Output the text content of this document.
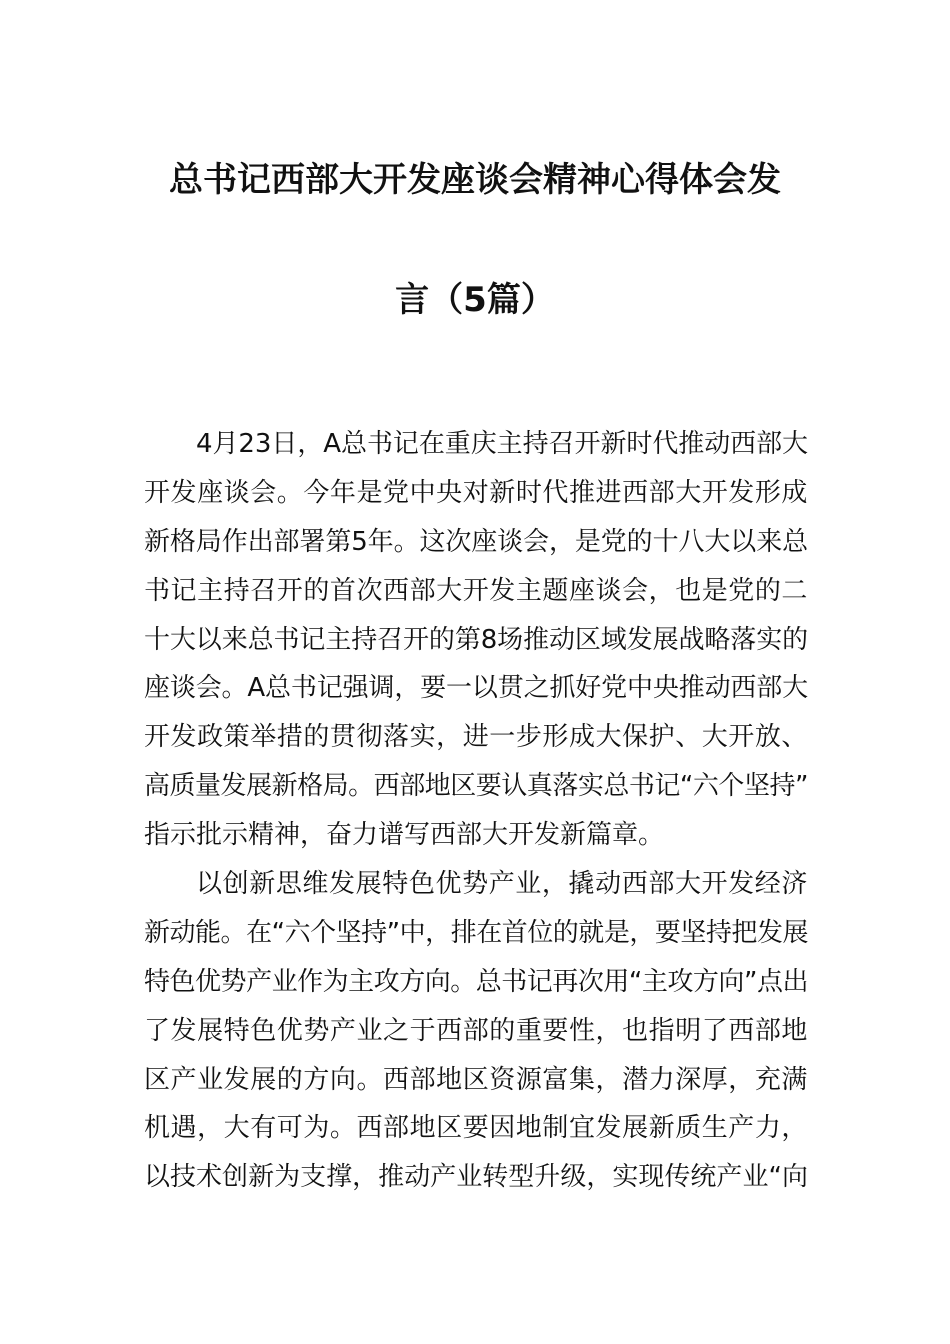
总书记西部大开发座谈会精神心得体会发
言（5篇）
4月23日，A总书记在重庆主持召开新时代推动西部大
开发座谈会。今年是党中央对新时代推进西部大开发形成
新格局作出部署第5年。这次座谈会，是党的十八大以来总
书记主持召开的首次西部大开发主题座谈会，也是党的二
十大以来总书记主持召开的第8场推动区域发展战略落实的
座谈会。A总书记强调，要一以贯之抓好党中央推动西部大
开发政策举措的贯彻落实，进一步形成大保护、大开放、
高质量发展新格局。西部地区要认真落实总书记“六个坚持”
指示批示精神，奋力谱写西部大开发新篇章。
以创新思维发展特色优势产业，撬动西部大开发经济
新动能。在“六个坚持”中，排在首位的就是，要坚持把发展
特色优势产业作为主攻方向。总书记再次用“主攻方向”点出
了发展特色优势产业之于西部的重要性，也指明了西部地
区产业发展的方向。西部地区资源富集，潜力深厚，充满
机遇，大有可为。西部地区要因地制宜发展新质生产力，
以技术创新为支撑，推动产业转型升级，实现传统产业“向
